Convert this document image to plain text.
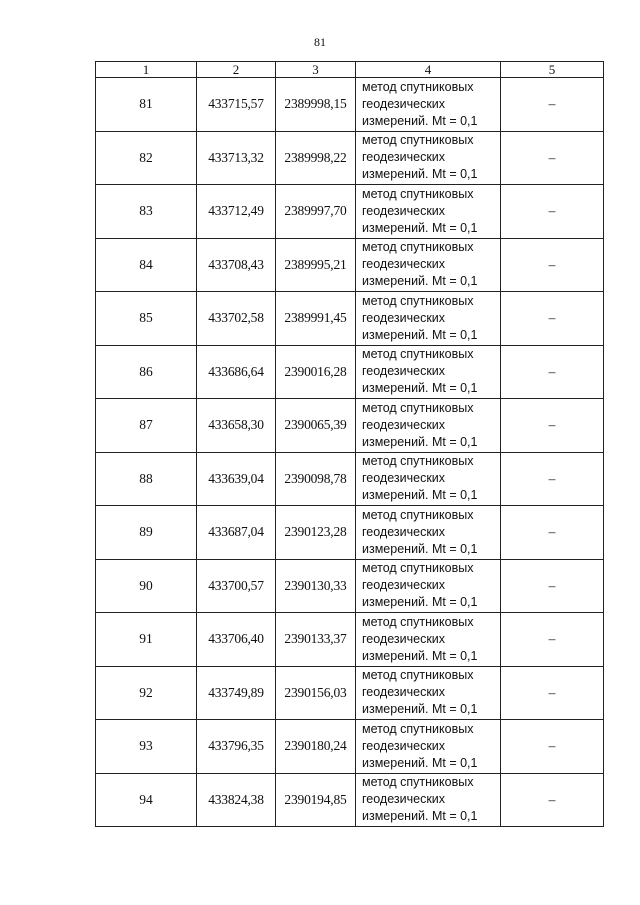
81
1	2	3	4	5
81	433715,57	2389998,15	метод спутниковых
геодезических
измерений. Mt = 0,1	–
82	433713,32	2389998,22	метод спутниковых
геодезических
измерений. Mt = 0,1	–
83	433712,49	2389997,70	метод спутниковых
геодезических
измерений. Mt = 0,1	–
84	433708,43	2389995,21	метод спутниковых
геодезических
измерений. Mt = 0,1	–
85	433702,58	2389991,45	метод спутниковых
геодезических
измерений. Mt = 0,1	–
86	433686,64	2390016,28	метод спутниковых
геодезических
измерений. Mt = 0,1	–
87	433658,30	2390065,39	метод спутниковых
геодезических
измерений. Mt = 0,1	–
88	433639,04	2390098,78	метод спутниковых
геодезических
измерений. Mt = 0,1	–
89	433687,04	2390123,28	метод спутниковых
геодезических
измерений. Mt = 0,1	–
90	433700,57	2390130,33	метод спутниковых
геодезических
измерений. Mt = 0,1	–
91	433706,40	2390133,37	метод спутниковых
геодезических
измерений. Mt = 0,1	–
92	433749,89	2390156,03	метод спутниковых
геодезических
измерений. Mt = 0,1	–
93	433796,35	2390180,24	метод спутниковых
геодезических
измерений. Mt = 0,1	–
94	433824,38	2390194,85	метод спутниковых
геодезических
измерений. Mt = 0,1	–
